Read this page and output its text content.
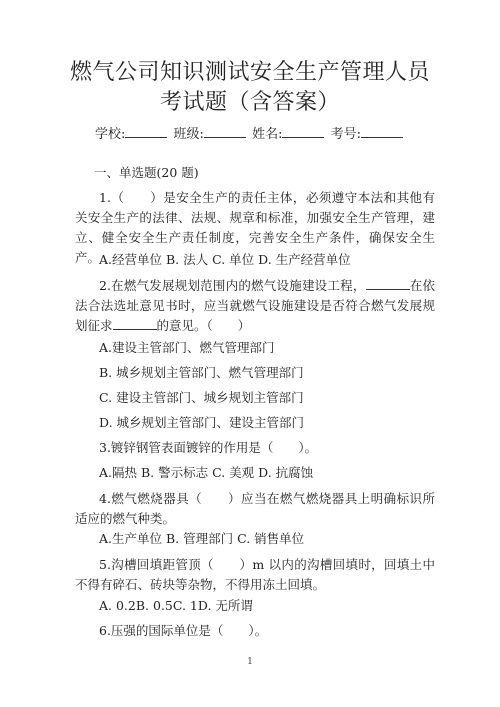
燃气公司知识测试安全生产管理人员考试题（含答案）
学校:	班级:	姓名:	考号:
一、单选题(20 题)
1.（　　）是安全生产的责任主体，必须遵守本法和其他有关安全生产的法律、法规、规章和标准，加强安全生产管理，建立、健全安全生产责任制度，完善安全生产条件，确保安全生产。
A.经营单位 B. 法人 C. 单位 D. 生产经营单位
2.在燃气发展规划范围内的燃气设施建设工程，	在依法合法选址意见书时，应当就燃气设施建设是否符合燃气发展规划征求	的意见。（　　）
A.建设主管部门、燃气管理部门
B. 城乡规划主管部门、燃气管理部门
C. 建设主管部门、城乡规划主管部门
D. 城乡规划主管部门、建设主管部门
3.镀锌钢管表面镀锌的作用是（　　）。
A.隔热 B. 警示标志 C. 美观 D. 抗腐蚀
4.燃气燃烧器具（　　）应当在燃气燃烧器具上明确标识所适应的燃气种类。
A.生产单位 B. 管理部门 C. 销售单位
5.沟槽回填距管顶（　　）m 以内的沟槽回填时，回填土中不得有碎石、砖块等杂物，不得用冻土回填。
A. 0.2B. 0.5C. 1D. 无所谓
6.压强的国际单位是（　　）。
1
